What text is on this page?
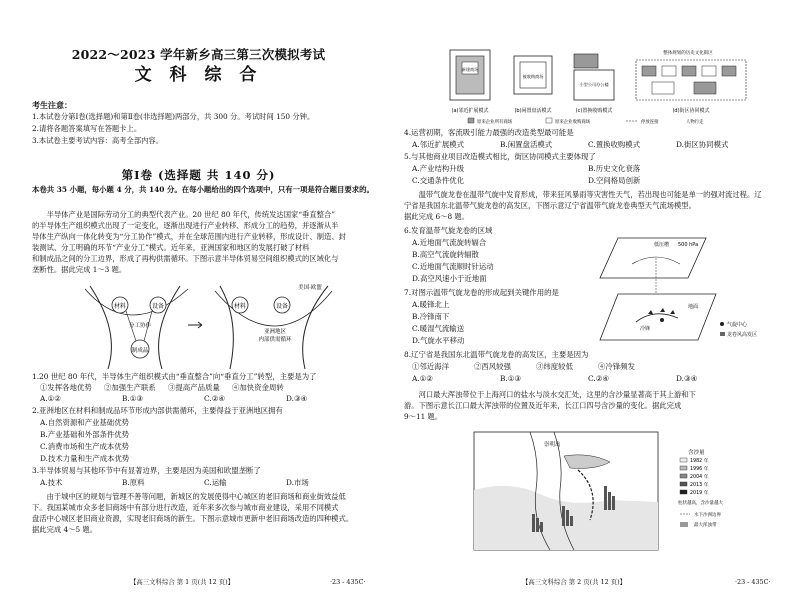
2022～2023 学年新乡高三第三次模拟考试
文 科 综 合
考生注意：
1.本试卷分第Ⅰ卷(选择题)和第Ⅱ卷(非选择题)两部分，共 300 分。考试时间 150 分钟。
2.请将各题答案填写在答题卡上。
3.本试卷主要考试内容：高考全部内容。
第Ⅰ卷 (选择题 共 140 分)
本卷共 35 小题，每小题 4 分，共 140 分。在每小题给出的四个选项中，只有一项是符合题目要求的。
半导体产业是国际劳动分工的典型代表产业。20 世纪 80 年代，传统发达国家“垂直整合”
的半导体生产组织模式出现了一定变化，逐渐出现进行产业转移、形成分工的趋势，并逐渐从半
导体生产纵向一体化转变为“分工协作”模式，并在全球范围内进行产业转移，形成设计、制造、封
装测试、分工明确的环节“产业分工”模式。近年来，亚洲国家和地区的发展打破了材料
和制成品之间的分工边界，形成了再构供需循环。下图示意半导体贸易空间组织模式的区域化与
垄断性。据此完成 1～3 题。
材料	设备
制成品
分工协作
材料	设备
亚洲地区
内部供需循环
美国·欧盟
1.20 世纪 80 年代，半导体生产组织模式由“垂直整合”向“垂直分工”转型，主要是为了
①发挥各地优势 ②加强生产联系 ③提高产品质量 ④加快资金周转
A.①②	B.①③	C.②④	D.③④
2.亚洲地区在材料和制成品环节形成内部供需循环，主要得益于亚洲地区拥有
A.自然资源和产业基础优势
B.产业基础和外部条件优势
C.消费市场和生产成本优势
D.技术力量和生产成本优势
3.半导体贸易与其他环节中有显著边界，主要是因为美国和欧盟垄断了
A.技术	B.原料	C.运输	D.市场
由于城中区的规划与管理不善等问题，新城区的发展使得中心城区的老旧商场和商业街效益低
下。我国某城市众多老旧商场中有部分进行改造，近年来多次参与城市商业建设，采用不同模式
盘活中心城区老旧商业资源，实现老旧商场的新生。下图示意城市更新中老旧商场改造的四种模式。
据此完成 4～5 题。
【高三文科综合 第 1 页(共 12 页)】	·23 - 435C·
新建商场
(a)邻近扩展模式
被收购商场
(b)闲置盘活模式
小型公司办公楼
(c)置换收购模式
整体规划的历史文化街区
(d)街区协同模式
原来企业所有商场	原来企业收购商场	停放连接	人物行走
4.运营初期，客流吸引能力最强的改造类型最可能是
A.邻近扩展模式	B.闲置盘活模式	C.置换收购模式	D.街区协同模式
5.与其他商业项目改造模式相比，街区协同模式主要体现了
A.产业结构升级	B.历史文化衰落
C.交通条件优化	D.空间格局创新
温带气旋龙卷在温带气旋中发育形成，带来狂风暴雨等灾害性天气，若出现也可能是单一的强对流过程。辽
宁省是我国东北温带气旋龙卷的高发区，下图示意辽宁省温带气旋龙卷典型天气流场模型。
据此完成 6～8 题。
低压槽 500 hPa
地面
冷锋
气旋中心
龙卷风高发区
6.发育温带气旋龙卷的区域
A.近地面气流旋转辐合
B.高空气流旋转辐散
C.近地面气流顺时针运动
D.高空风速小于近地面
7.对图示温带气旋龙卷的形成起到关键作用的是
A.暖锋北上
B.冷锋南下
C.暖湿气流输送
D.气旋水平移动
8.辽宁省是我国东北温带气旋龙卷的高发区，主要是因为
①邻近海洋	②西风较强	③纬度较低	④冷锋频发
A.①②	B.①③	C.②④	D.③④
河口最大浑浊带位于上海河口的盐水与淡水交汇处，这里的含沙量显著高于其上游和下
游。下图示意长江口最大浑浊带的位置及近年来，长江口四号含沙量的变化。据此完成
9～11 题。
崇明岛
含沙量
1982 年
1996 年
2004 年
2013 年
2019 年
柱状越高，含沙量越大
水下沙洲边界
最大浑浊带
【高三文科综合 第 2 页(共 12 页)】	·23 - 435C·
